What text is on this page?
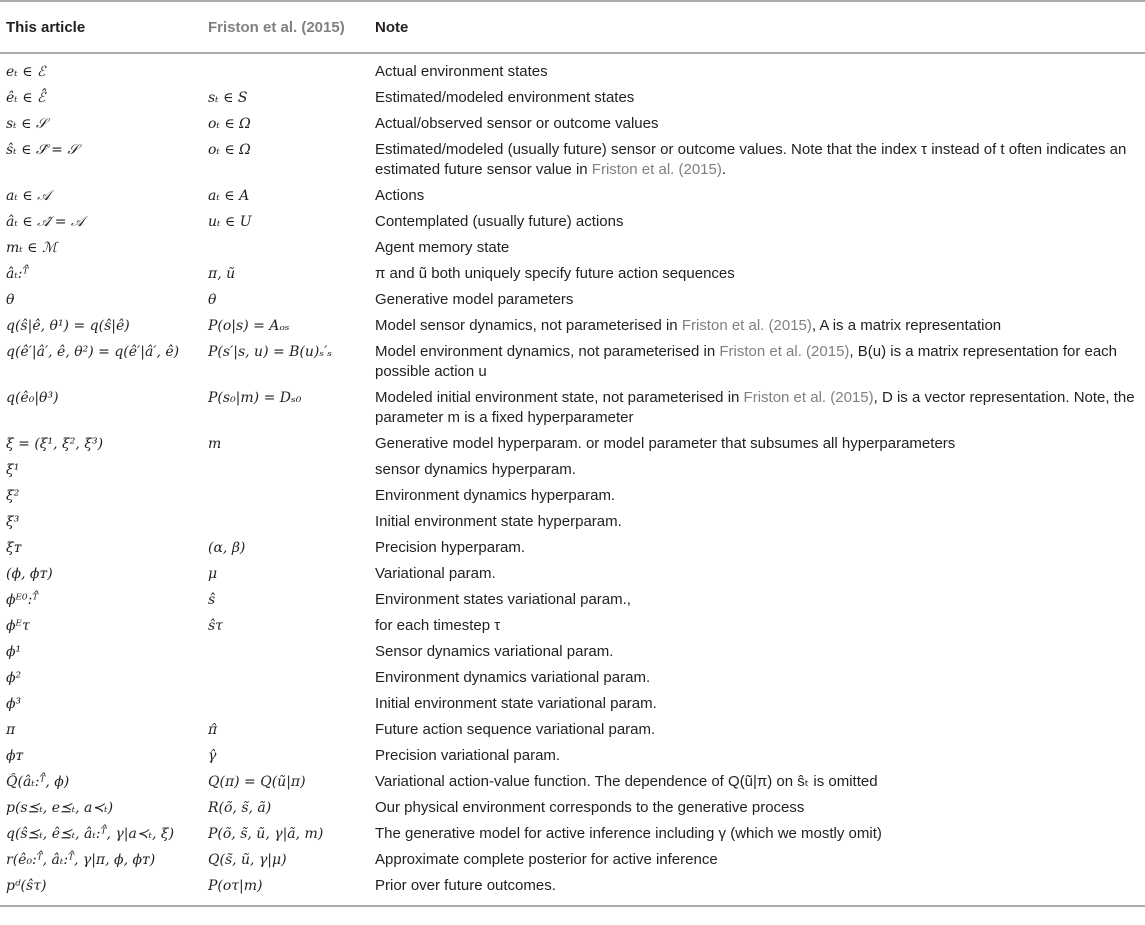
This article	Friston et al. (2015)	Note
eₜ ∈ ℰ		Actual environment states
êₜ ∈ ℰ̂	sₜ ∈ S	Estimated/modeled environment states
sₜ ∈ 𝒮	oₜ ∈ Ω	Actual/observed sensor or outcome values
ŝₜ ∈ 𝒮̂ = 𝒮	oₜ ∈ Ω	Estimated/modeled (usually future) sensor or outcome values. Note that the index τ instead of t often indicates an estimated future sensor value in Friston et al. (2015).
aₜ ∈ 𝒜	aₜ ∈ A	Actions
âₜ ∈ 𝒜̂ = 𝒜	uₜ ∈ U	Contemplated (usually future) actions
mₜ ∈ ℳ		Agent memory state
âₜ:ᵀ̂	π, ũ	π and ũ both uniquely specify future action sequences
θ	θ	Generative model parameters
q(ŝ|ê, θ¹) = q(ŝ|ê)	P(o|s) = Aₒₛ	Model sensor dynamics, not parameterised in Friston et al. (2015), A is a matrix representation
q(ê′|â′, ê, θ²) = q(ê′|â′, ê)	P(s′|s, u) = B(u)ₛ′ₛ	Model environment dynamics, not parameterised in Friston et al. (2015), B(u) is a matrix representation for each possible action u
q(ê₀|θ³)	P(s₀|m) = Dₛ₀	Modeled initial environment state, not parameterised in Friston et al. (2015), D is a vector representation. Note, the parameter m is a fixed hyperparameter
ξ = (ξ¹, ξ², ξ³)	m	Generative model hyperparam. or model parameter that subsumes all hyperparameters
ξ¹		sensor dynamics hyperparam.
ξ²		Environment dynamics hyperparam.
ξ³		Initial environment state hyperparam.
ξᴛ	(α, β)	Precision hyperparam.
(ϕ, ϕᴛ)	μ	Variational param.
ϕᴱ⁰:ᵀ̂	ŝ	Environment states variational param.,
ϕᴱτ	ŝτ	for each timestep τ
ϕ¹		Sensor dynamics variational param.
ϕ²		Environment dynamics variational param.
ϕ³		Initial environment state variational param.
π	π̂	Future action sequence variational param.
ϕᴛ	γ̂	Precision variational param.
Q̂(âₜ:ᵀ̂, ϕ)	Q(π) = Q(ũ|π)	Variational action-value function. The dependence of Q(ũ|π) on ŝₜ is omitted
p(s⪯ₜ, e⪯ₜ, a≺ₜ)	R(õ, s̃, ã)	Our physical environment corresponds to the generative process
q(ŝ⪯ₜ, ê⪯ₜ, âₜ:ᵀ̂, γ|a≺ₜ, ξ)	P(õ, s̃, ũ, γ|ã, m)	The generative model for active inference including γ (which we mostly omit)
r(ê₀:ᵀ̂, âₜ:ᵀ̂, γ|π, ϕ, ϕᴛ)	Q(s̃, ũ, γ|μ)	Approximate complete posterior for active inference
pᵈ(ŝτ)	P(oτ|m)	Prior over future outcomes.
